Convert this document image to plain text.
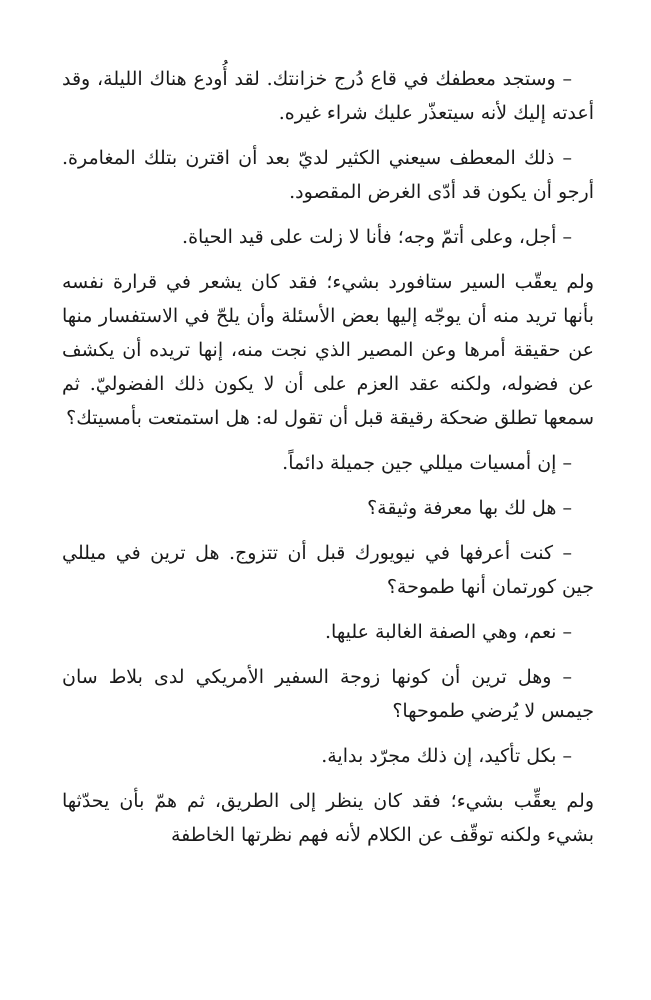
– وستجد معطفك في قاع دُرج خزانتك. لقد أُودع هناك الليلة، وقد أعدته إليك لأنه سيتعذّر عليك شراء غيره.

– ذلك المعطف سيعني الكثير لديّ بعد أن اقترن بتلك المغامرة. أرجو أن يكون قد أدّى الغرض المقصود.

– أجل، وعلى أتمّ وجه؛ فأنا لا زلت على قيد الحياة.

ولم يعقّب السير ستافورد بشيء؛ فقد كان يشعر في قرارة نفسه بأنها تريد منه أن يوجّه إليها بعض الأسئلة وأن يلحّ في الاستفسار منها عن حقيقة أمرها وعن المصير الذي نجت منه، إنها تريده أن يكشف عن فضوله، ولكنه عقد العزم على أن لا يكون ذلك الفضوليّ. ثم سمعها تطلق ضحكة رقيقة قبل أن تقول له: هل استمتعت بأمسيتك؟

– إن أمسيات ميللي جين جميلة دائماً.

– هل لك بها معرفة وثيقة؟

– كنت أعرفها في نيويورك قبل أن تتزوج. هل ترين في ميللي جين كورتمان أنها طموحة؟

– نعم، وهي الصفة الغالبة عليها.

– وهل ترين أن كونها زوجة السفير الأمريكي لدى بلاط سان جيمس لا يُرضي طموحها؟

– بكل تأكيد، إن ذلك مجرّد بداية.

ولم يعقِّب بشيء؛ فقد كان ينظر إلى الطريق، ثم همّ بأن يحدّثها بشيء ولكنه توقّف عن الكلام لأنه فهم نظرتها الخاطفة
